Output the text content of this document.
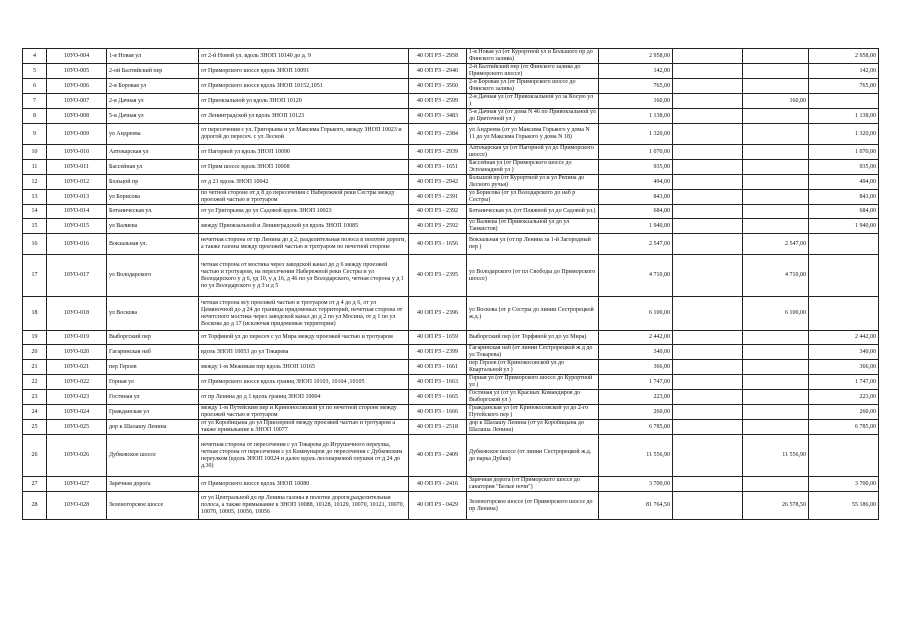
4	10УО-004	1-я Новая ул	от 2-й Новой ул. вдоль ЗНОП 10140 до д. 9	40 ОП РЗ - 2958	1-я Новая ул (от Курортной ул и Большого пр до Финского залива)	2 958,00			2 958,00
5	10УО-005	2-ой Балтийский пер	от Приморского шоссе вдоль ЗНОП 10091	40 ОП РЗ - 2940	2-й Балтийский пер (от Финского залива до Приморского шоссе)	142,00			142,00
6	10УО-006	2-я Боровая ул	от Приморского шоссе вдоль ЗНОП 10152,1051	40 ОП РЗ - 3560	2-я Боровая ул (от Приморского шоссе до Финского залива)	765,00			765,00
7	10УО-007	2-я Дачная ул	от Приокзальной ул вдоль ЗНОП 10120	40 ОП РЗ - 2599	2-я Дачная ул (от Привокзальной ул за Косую ул )	160,00		160,00	
8	10УО-008	5-я Дачная ул	от Ленинградской ул вдоль ЗНОП 10123	40 ОП РЗ - 3483	5-я Дачная ул (от дома N 46 по Привокзальной ул до Цветочной ул )	1 138,00			1 138,00
9	10УО-009	ул Андреева	от пересечения с ул. Григорьева и ул Максима Горького, между ЗНОП 10023 и дорогой до пересеч. с ул Лесной	40 ОП РЗ - 2384	ул Андреева (от ул Максима Горького у дома N 11 до ул Максима Горького у дома N 18)	1 320,00			1 320,00
10	10УО-010	Аптекарская ул	от Нагорной ул вдоль ЗНОП 10090	40 ОП РЗ - 2939	Аптекарская ул (от Нагорной ул до Приморского шоссе)	1 070,00			1 070,00
11	10УО-011	Бассейная ул	от Прим шоссе вдоль ЗНОП 10008	40 ОП РЗ - 1651	Бассейная ул (от Приморского шоссе до Эспланадной ул )	935,00			935,00
12	10УО-012	Больцой пр	от д 21 вдоль ЗНОП 10042	40 ОП РЗ - 2942	Большой пр (от Курортной ул и ул Репина до Лесного ручья)	494,00			494,00
13	10УО-013	ул Борисова	по четной стороне от д 8 до пересечения с Набережной реки Сестры между проезжей частью и тротуаром	40 ОП РЗ - 2391	ул Борисова (от ул Володарского до наб р Сестры)	843,00			843,00
14	10УО-014	Ботаническая ул.	от ул Григорьева до ул Садовой вдоль ЗНОП 10023	40 ОП РЗ - 2392	Ботаническая ул. (от Пляжной ул до Садовой ул.)	684,00			684,00
15	10УО-015	ул Валиева	между Приокзальной и Ленинградской ул вдоль ЗНОП 10085	40 ОП РЗ - 2592	ул Валиева (от Привокзальной ул до ул Танкистов)	1 940,00			1 940,00
16	10УО-016	Вокзальная ул.	нечетная сторона от пр Ленина до д 2, разделительная полоса в полотне дороги, а также газоны между проезжей частью и тротуаром по нечетной стороне	40 ОП РЗ - 1656	Вокзальная ул (от пр Ленина за 1-й Загородный пер )	2 547,00		2 547,00	
17	10УО-017	ул Володарского	четная сторона от мостика через заводской канал до д 6 между проезжей частью и тротуаром, на пересечении Набережной реки Сестры и ул Володарского у д 6, уд 10, у д 16, д 46 по ул Володарского, четная сторона у д 1 по ул Володарского у д 3 и д 5	40 ОП РЗ - 2395	ул Володарского (от пл Свободы до Приморского шоссе)	4 710,00		4 710,00	
18	10УО-018	ул Воскова	четная сторона м/у проезжей частью и тротуаром от д 4 до д 6, от ул Цемяночной до д 24 до границы придомовых территорий, нечетная сторона от нечетсного мостика через заводской канал до д 2 по ул Мосина, от д 1 по ул Воскова до д 17 (исключая придомовые территории)	40 ОП РЗ - 2396	ул Воскова (от р Сестры до линии Сестрорецкой ж.д.)	6 100,00		6 100,00	
19	10УО-019	Выборгский пер	от Торфяной ул до пересеч с ул Мира между проезжей частью и тротуаром	40 ОП РЗ - 1659	Выборгский пер (от Торфяной ул до ул Мира)	2 442,00			2 442,00
20	10УО-020	Гагаринская наб	вдоль ЗНОП 10053 до ул Токарева	40 ОП РЗ - 2399	Гагаринская наб (от линии Сестрорецкой ж д до ул Токарева)	340,00			340,00
21	10УО-021	пер Героев	между 1-м Межевым пер вдоль ЗНОП 10165	40 ОП РЗ - 1661	пер Героев (от Кринокосовской ул до Квартальной ул )	366,00			366,00
22	10УО-022	Горная ул	от Приморского шоссе вдоль границ ЗНОП 10103, 10104 ,10105	40 ОП РЗ - 1663	Горная ул (от Приморского шоссе до Курортной ул )	1 747,00			1 747,00
23	10УО-023	Гостиная ул	от пр Ленина до д 1 вдоль границ ЗНОП 10004	40 ОП РЗ - 1665	Гостиная ул (от ул Красных Командиров до Выборгской ул )	223,00			223,00
24	10УО-024	Гражданская ул	между 1-м Путейским пер и Криноносовской ул по нечетной стороне между проезжей частью и тротуаром	40 ОП РЗ - 1666	Гражданская ул (от Кринокосовской ул до 2-го Путейского пер )	260,00			260,00
25	10УО-025	дор к Шалашу Ленина	от ул Коробицына до ул Приозерной между проезжей частью и тротуаром а также примыкание к ЗНОП 10077	40 ОП РЗ - 2518	дор к Шалашу Ленина (от ул Коробицына до Шалаша Ленина)	6 785,00			6 785,00
26	10УО-026	Дубковское шоссе	нечетная сторона от пересечения с ул Токарева до Игрушечного переулка, четная сторона от пересечения с ул Коммунаров до пересечения с Дубковским переулком (вдоль ЗНОП 10024 и далее вдоль лесопарковой опушки от д 24 до д.30)	40 ОП РЗ - 2409	Дубковское шоссе (от линии Сестрорецкой ж.д. до парка Дубки)	11 556,90		11 556,90	
27	10УО-027	Заречная дорога	от Приморского шоссе вдоль ЗНОП 10080	40 ОП РЗ - 2416	Заречная дорога (от Приморского шоссе до санатория "Белые ночи")	3 700,00			3 700,00
28	10УО-028	Зеленогорское шоссе	от ул Центральной до пр Ленина газоны в полотне дороги,разделительная полоса, а также примыкание к ЗНОП 10088, 10128, 10129, 10070, 10121, 10070, 10070, 10005, 10056, 10056	40 ОП РЗ - 0429	Зеленогорское шоссе (от Приморского шоссе до пр Ленина)	81 764,50		26 578,50	55 186,00
